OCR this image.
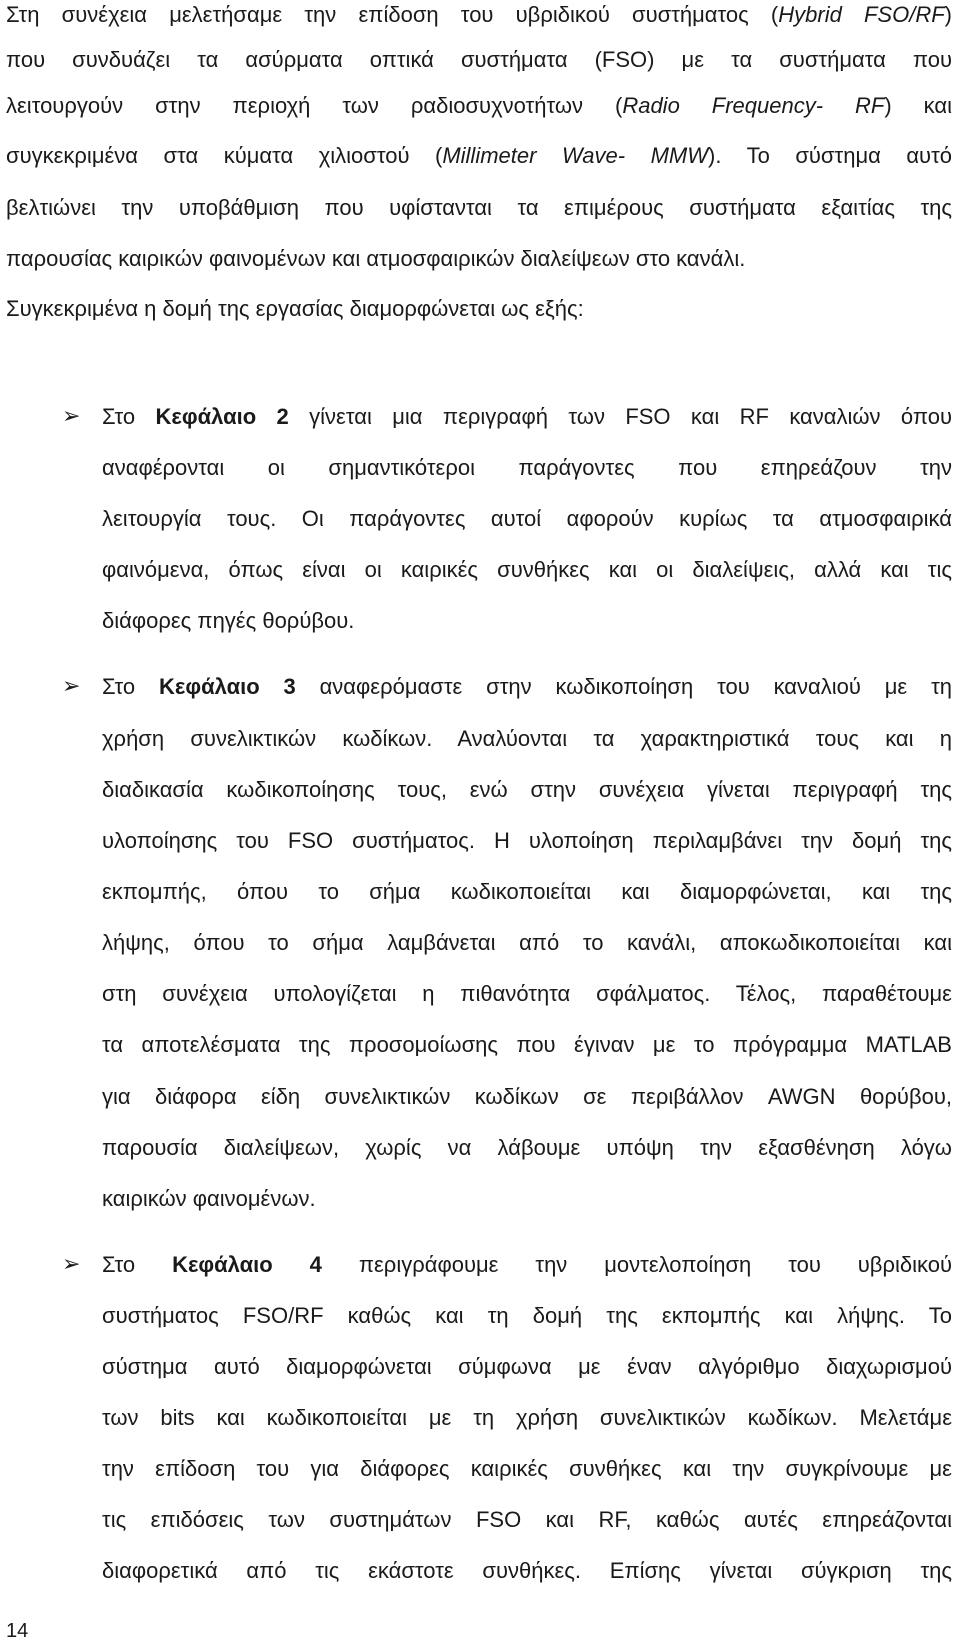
Στη συνέχεια μελετήσαμε την επίδοση του υβριδικού συστήματος (Hybrid FSO/RF)
που συνδυάζει τα ασύρματα οπτικά συστήματα (FSO) με τα συστήματα που
λειτουργούν στην περιοχή των ραδιοσυχνοτήτων (Radio Frequency- RF) και
συγκεκριμένα στα κύματα χιλιοστού (Millimeter Wave- MMW). Το σύστημα αυτό
βελτιώνει την υποβάθμιση που υφίστανται τα επιμέρους συστήματα εξαιτίας της
παρουσίας καιρικών φαινομένων και ατμοσφαιρικών διαλείψεων στο κανάλι.
Συγκεκριμένα η δομή της εργασίας διαμορφώνεται ως εξής:
➢ Στο Κεφάλαιο 2 γίνεται μια περιγραφή των FSO και RF καναλιών όπου
αναφέρονται οι σημαντικότεροι παράγοντες που επηρεάζουν την
λειτουργία τους. Οι παράγοντες αυτοί αφορούν κυρίως τα ατμοσφαιρικά
φαινόμενα, όπως είναι οι καιρικές συνθήκες και οι διαλείψεις, αλλά και τις
διάφορες πηγές θορύβου.
➢ Στο Κεφάλαιο 3 αναφερόμαστε στην κωδικοποίηση του καναλιού με τη
χρήση συνελικτικών κωδίκων. Αναλύονται τα χαρακτηριστικά τους και η
διαδικασία κωδικοποίησης τους, ενώ στην συνέχεια γίνεται περιγραφή της
υλοποίησης του FSO συστήματος. Η υλοποίηση περιλαμβάνει την δομή της
εκπομπής, όπου το σήμα κωδικοποιείται και διαμορφώνεται, και της
λήψης, όπου το σήμα λαμβάνεται από το κανάλι, αποκωδικοποιείται και
στη συνέχεια υπολογίζεται η πιθανότητα σφάλματος. Τέλος, παραθέτουμε
τα αποτελέσματα της προσομοίωσης που έγιναν με το πρόγραμμα MATLAB
για διάφορα είδη συνελικτικών κωδίκων σε περιβάλλον AWGN θορύβου,
παρουσία διαλείψεων, χωρίς να λάβουμε υπόψη την εξασθένηση λόγω
καιρικών φαινομένων.
➢ Στο Κεφάλαιο 4 περιγράφουμε την μοντελοποίηση του υβριδικού
συστήματος FSO/RF καθώς και τη δομή της εκπομπής και λήψης. Το
σύστημα αυτό διαμορφώνεται σύμφωνα με έναν αλγόριθμο διαχωρισμού
των bits και κωδικοποιείται με τη χρήση συνελικτικών κωδίκων. Μελετάμε
την επίδοση του για διάφορες καιρικές συνθήκες και την συγκρίνουμε με
τις επιδόσεις των συστημάτων FSO και RF, καθώς αυτές επηρεάζονται
διαφορετικά από τις εκάστοτε συνθήκες. Επίσης γίνεται σύγκριση της
14
